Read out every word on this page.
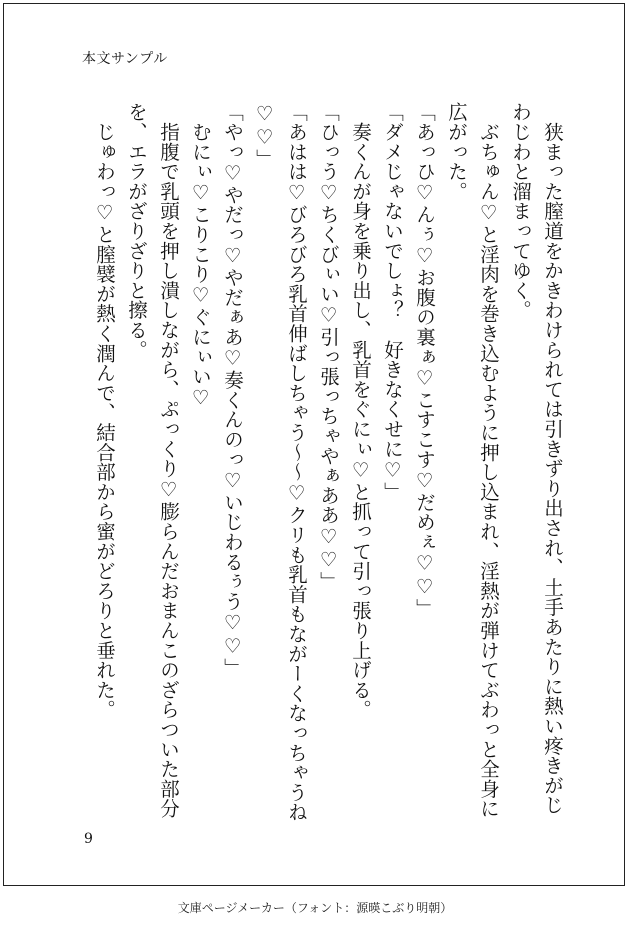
本文サンプル

　狭まった膣道をかきわけられては引きずり出され、土手あたりに熱い疼きがじわじわと溜まってゆく。

　ぶちゅん♡と淫肉を巻き込むように押し込まれ、淫熱が弾けてぶわっと全身に広がった。

「あっひ♡んぅ♡お腹の裏ぁ♡こすこす♡だめぇ♡♡」

「ダメじゃないでしょ？　好きなくせに♡」

　奏くんが身を乗り出し、乳首をぐにぃ♡と抓って引っ張り上げる。

「ひっう♡ちくびぃい♡引っ張っちゃやぁああ♡♡」

「あはは♡びろびろ乳首伸ばしちゃう～～♡クリも乳首もながーくなっちゃうね♡♡」

「やっ♡やだっ♡やだぁあ♡奏くんのっ♡いじわるぅう♡♡」

　むにぃ♡こりこり♡ぐにぃい♡

　指腹で乳頭を押し潰しながら、ぷっくり♡膨らんだおまんこのざらついた部分を、エラがざりざりと擦る。

　じゅわっ♡と膣襞が熱く潤んで、結合部から蜜がどろりと垂れた。

9
文庫ページメーカー（フォント：源暎こぶり明朝）
